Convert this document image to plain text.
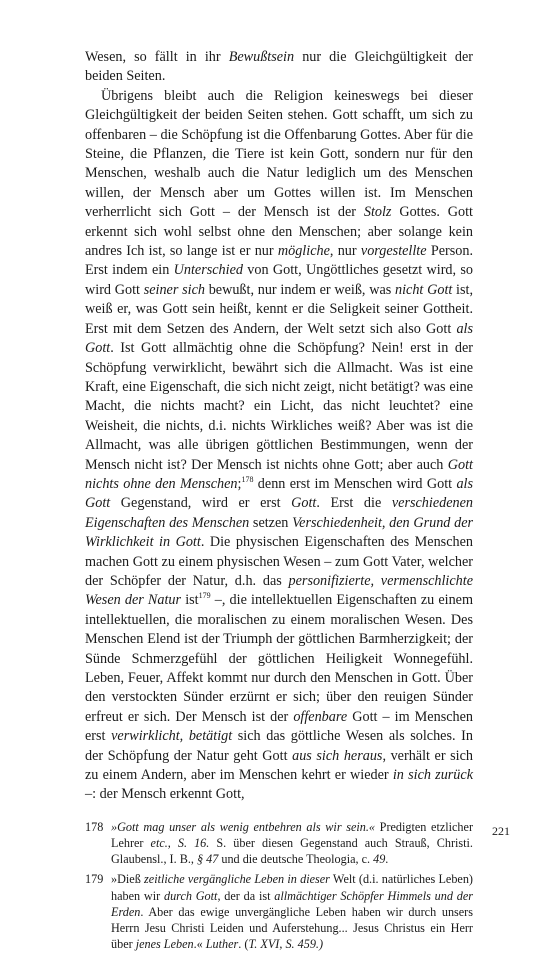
Wesen, so fällt in ihr Bewußtsein nur die Gleichgültigkeit der beiden Seiten.

Übrigens bleibt auch die Religion keineswegs bei dieser Gleichgültigkeit der beiden Seiten stehen. Gott schafft, um sich zu offenbaren – die Schöpfung ist die Offenbarung Gottes. Aber für die Steine, die Pflanzen, die Tiere ist kein Gott, sondern nur für den Menschen, weshalb auch die Natur lediglich um des Menschen willen, der Mensch aber um Gottes willen ist. Im Menschen verherrlicht sich Gott – der Mensch ist der Stolz Gottes. Gott erkennt sich wohl selbst ohne den Menschen; aber solange kein andres Ich ist, so lange ist er nur mögliche, nur vorgestellte Person. Erst indem ein Unterschied von Gott, Ungöttliches gesetzt wird, so wird Gott seiner sich bewußt, nur indem er weiß, was nicht Gott ist, weiß er, was Gott sein heißt, kennt er die Seligkeit seiner Gottheit. Erst mit dem Setzen des Andern, der Welt setzt sich also Gott als Gott. Ist Gott allmächtig ohne die Schöpfung? Nein! erst in der Schöpfung verwirklicht, bewährt sich die Allmacht. Was ist eine Kraft, eine Eigenschaft, die sich nicht zeigt, nicht betätigt? was eine Macht, die nichts macht? ein Licht, das nicht leuchtet? eine Weisheit, die nichts, d.i. nichts Wirkliches weiß? Aber was ist die Allmacht, was alle übrigen göttlichen Bestimmungen, wenn der Mensch nicht ist? Der Mensch ist nichts ohne Gott; aber auch Gott nichts ohne den Menschen;$^{178}$ denn erst im Menschen wird Gott als Gott Gegenstand, wird er erst Gott. Erst die verschiedenen Eigenschaften des Menschen setzen Verschiedenheit, den Grund der Wirklichkeit in Gott. Die physischen Eigenschaften des Menschen machen Gott zu einem physischen Wesen – zum Gott Vater, welcher der Schöpfer der Natur, d.h. das personifizierte, vermenschlichte Wesen der Natur ist$^{179}$ –, die intellektuellen Eigenschaften zu einem intellektuellen, die moralischen zu einem moralischen Wesen. Des Menschen Elend ist der Triumph der göttlichen Barmherzigkeit; der Sünde Schmerzgefühl der göttlichen Heiligkeit Wonnegefühl. Leben, Feuer, Affekt kommt nur durch den Menschen in Gott. Über den verstockten Sünder erzürnt er sich; über den reuigen Sünder erfreut er sich. Der Mensch ist der offenbare Gott – im Menschen erst verwirklicht, betätigt sich das göttliche Wesen als solches. In der Schöpfung der Natur geht Gott aus sich heraus, verhält er sich zu einem Andern, aber im Menschen kehrt er wieder in sich zurück –: der Mensch erkennt Gott,

178 »Gott mag unser als wenig entbehren als wir sein.« Predigten etzlicher Lehrer etc., S. 16. S. über diesen Gegenstand auch Strauß, Christi. Glaubensl., I. B., § 47 und die deutsche Theologia, c. 49.
179 »Dieß zeitliche vergängliche Leben in dieser Welt (d.i. natürliches Leben) haben wir durch Gott, der da ist allmächtiger Schöpfer Himmels und der Erden. Aber das ewige unvergängliche Leben haben wir durch unsers Herrn Jesu Christi Leiden und Auferstehung... Jesus Christus ein Herr über jenes Leben.« Luther. (T. XVI, S. 459.)
221
